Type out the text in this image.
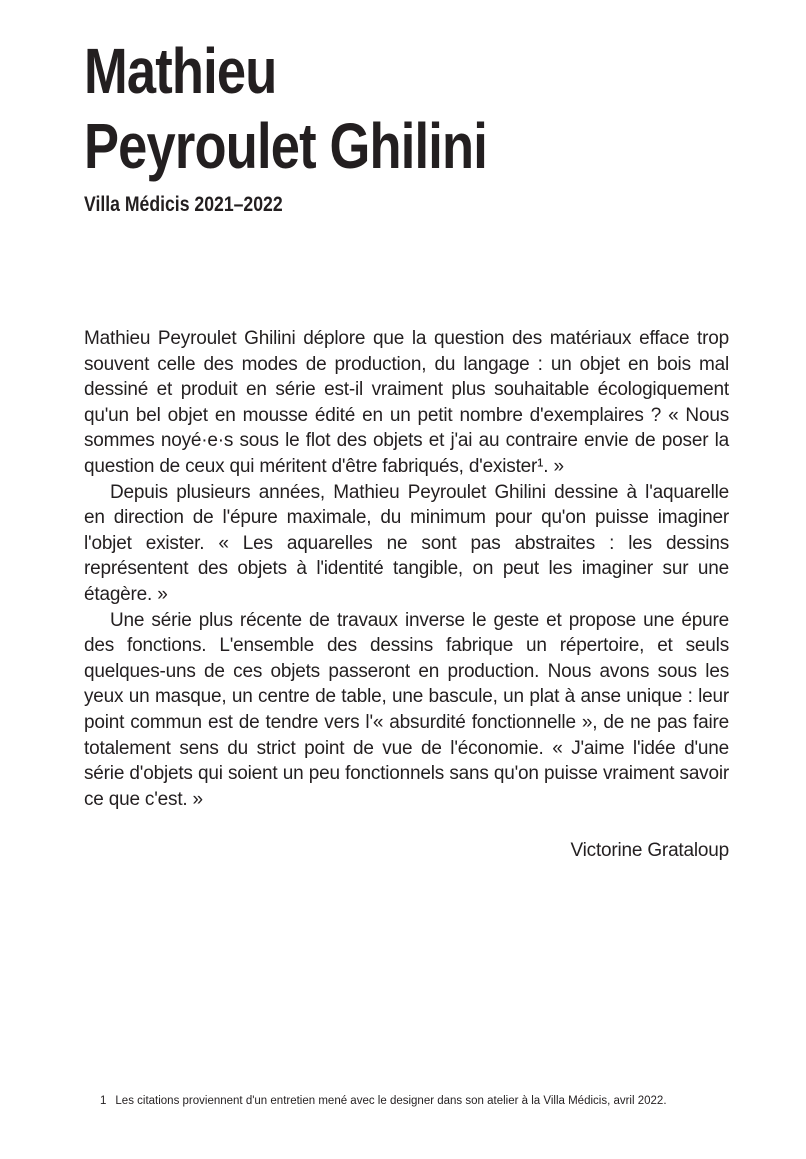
Mathieu
Peyroulet Ghilini

Villa Médicis 2021–2022

Mathieu Peyroulet Ghilini déplore que la question des matériaux efface trop souvent celle des modes de production, du langage : un objet en bois mal dessiné et produit en série est-il vraiment plus souhaitable écologiquement qu'un bel objet en mousse édité en un petit nombre d'exemplaires ? « Nous sommes noyé·e·s sous le flot des objets et j'ai au contraire envie de poser la question de ceux qui méritent d'être fabriqués, d'exister¹. »

Depuis plusieurs années, Mathieu Peyroulet Ghilini dessine à l'aquarelle en direction de l'épure maximale, du minimum pour qu'on puisse imaginer l'objet exister. « Les aquarelles ne sont pas abstraites : les dessins représentent des objets à l'identité tangible, on peut les imaginer sur une étagère. »

Une série plus récente de travaux inverse le geste et propose une épure des fonctions. L'ensemble des dessins fabrique un répertoire, et seuls quelques-uns de ces objets passeront en production. Nous avons sous les yeux un masque, un centre de table, une bascule, un plat à anse unique : leur point commun est de tendre vers l'« absurdité fonctionnelle », de ne pas faire totalement sens du strict point de vue de l'économie. « J'aime l'idée d'une série d'objets qui soient un peu fonctionnels sans qu'on puisse vraiment savoir ce que c'est. »

Victorine Grataloup

1 Les citations proviennent d'un entretien mené avec le designer dans son atelier à la Villa Médicis, avril 2022.
